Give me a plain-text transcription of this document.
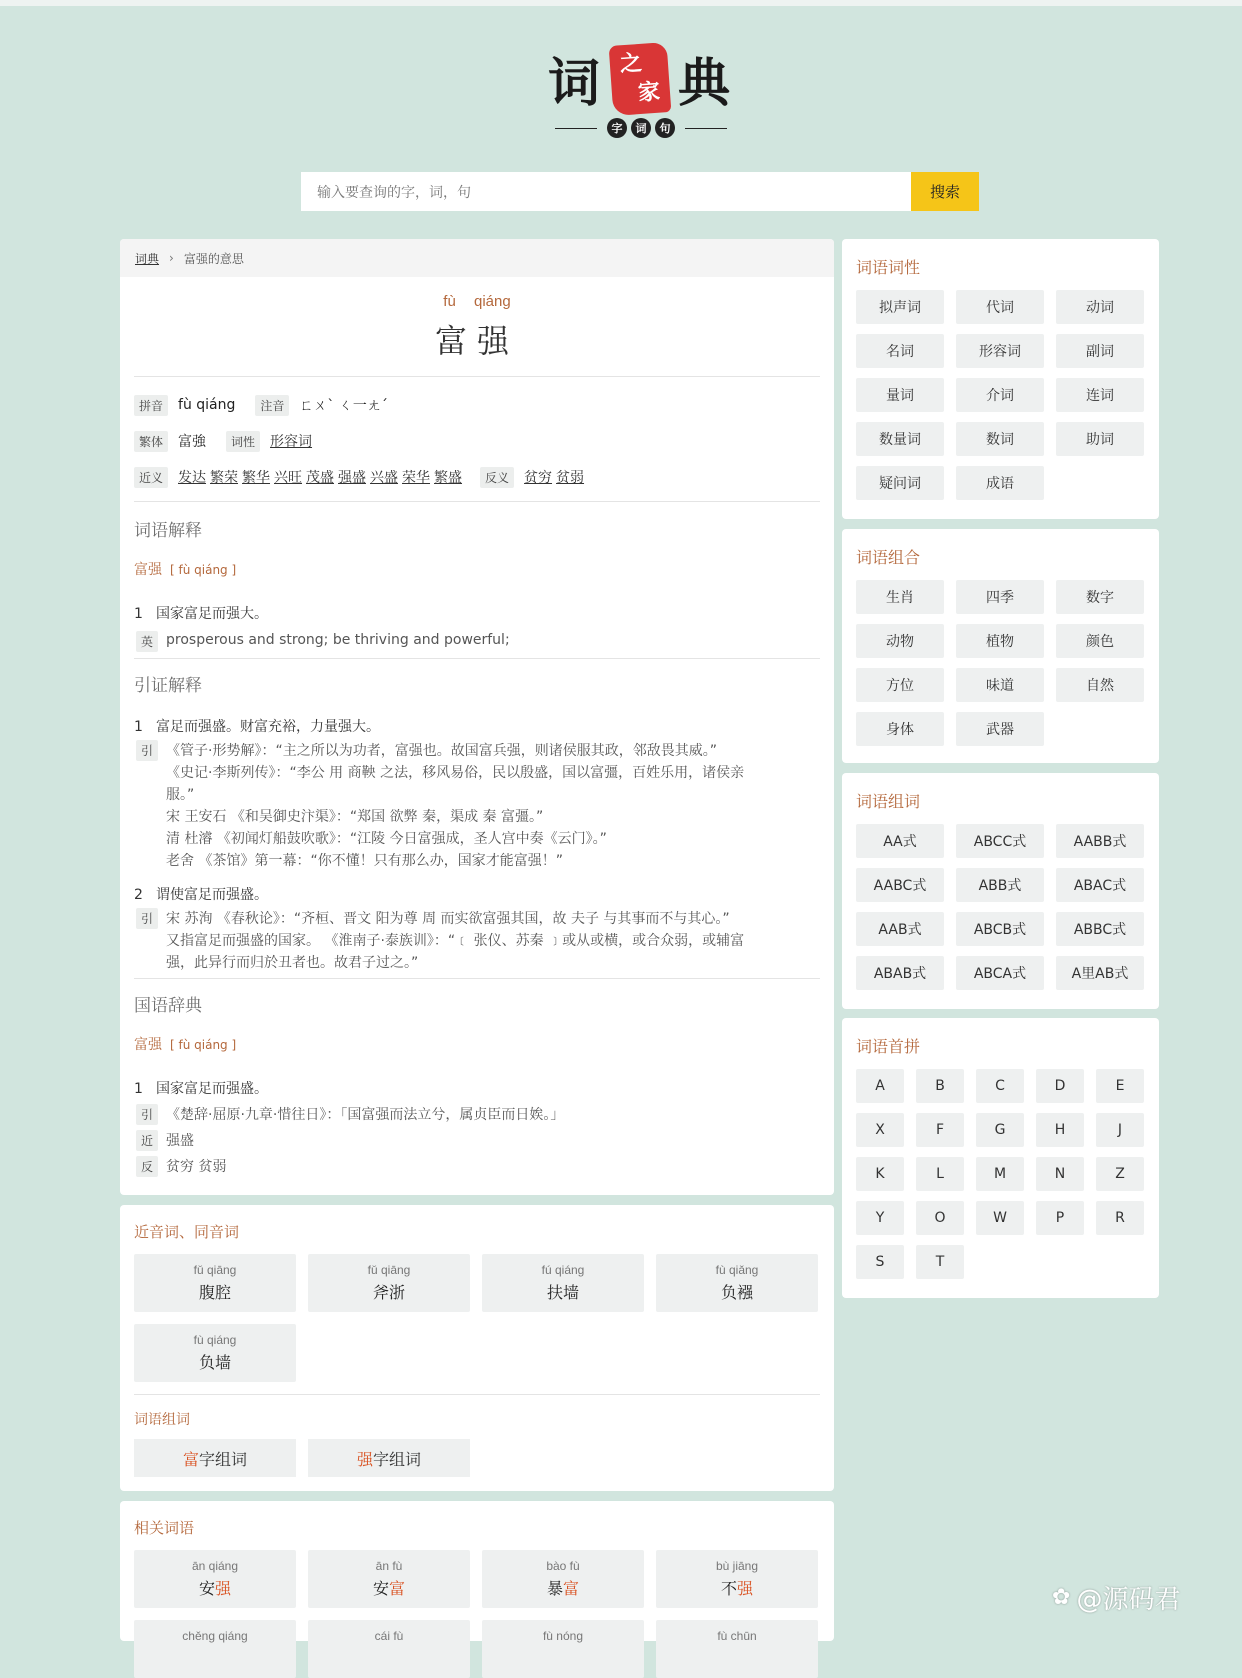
词 之
家 典
字	词	句
输入要查询的字，词，句
搜索
词典 › 富强的意思
fù qiáng
富强
拼音	fù qiáng	注音	ㄈㄨˋ ㄑ一ㄤˊ
繁体	富強	词性	形容词
近义	发达 繁荣 繁华 兴旺 茂盛 强盛 兴盛 荣华 繁盛	反义	贫穷 贫弱
词语解释
富强 [ fù qiáng ]
1 国家富足而强大。
英 prosperous and strong; be thriving and powerful;
引证解释
1 富足而强盛。财富充裕，力量强大。
引 《管子·形势解》：“主之所以为功者，富强也。故国富兵强，则诸侯服其政，邻敌畏其威。”
《史记·李斯列传》：“李公 用 商鞅 之法，移风易俗，民以殷盛，国以富彊，百姓乐用，诸侯亲
服。”
宋 王安石 《和吴御史汴渠》：“郑国 欲弊 秦，渠成 秦 富彊。”
清 杜濬 《初闻灯船鼓吹歌》：“江陵 今日富强成，圣人宫中奏《云门》。”
老舍 《茶馆》第一幕：“你不懂！只有那么办，国家才能富强！”
2 谓使富足而强盛。
引 宋 苏洵 《春秋论》：“齐桓、晋文 阳为尊 周 而实欲富强其国，故 夫子 与其事而不与其心。”
又指富足而强盛的国家。 《淮南子·泰族训》：“﹝ 张仪、苏秦 ﹞或从或横，或合众弱，或辅富
强，此异行而归於丑者也。故君子过之。”
国语辞典
富强 [ fù qiáng ]
1 国家富足而强盛。
引 《楚辞·屈原·九章·惜往日》：「国富强而法立兮，属贞臣而日娭。」
近 强盛
反 贫穷 贫弱
近音词、同音词
fǔ qiāng
腹腔
fǔ qiāng
斧浙
fú qiáng
扶墙
fù qiǎng
负襁
fù qiáng
负墙
词语组词
富 字组词	强 字组词
相关词语
ān qiáng
安强
ān fù
安富
bào fù
暴富
bù jiāng
不强
chěng qiáng	cái fù	fù nóng	fù chūn
词语词性
拟声词	代词	动词
名词	形容词	副词
量词	介词	连词
数量词	数词	助词
疑问词	成语
词语组合
生肖	四季	数字
动物	植物	颜色
方位	味道	自然
身体	武器
词语组词
AA式	ABCC式	AABB式
AABC式	ABB式	ABAC式
AAB式	ABCB式	ABBC式
ABAB式	ABCA式	A里AB式
词语首拼
A	B	C	D	E
X	F	G	H	J
K	L	M	N	Z
Y	O	W	P	R
S	T
✿ @源码君
